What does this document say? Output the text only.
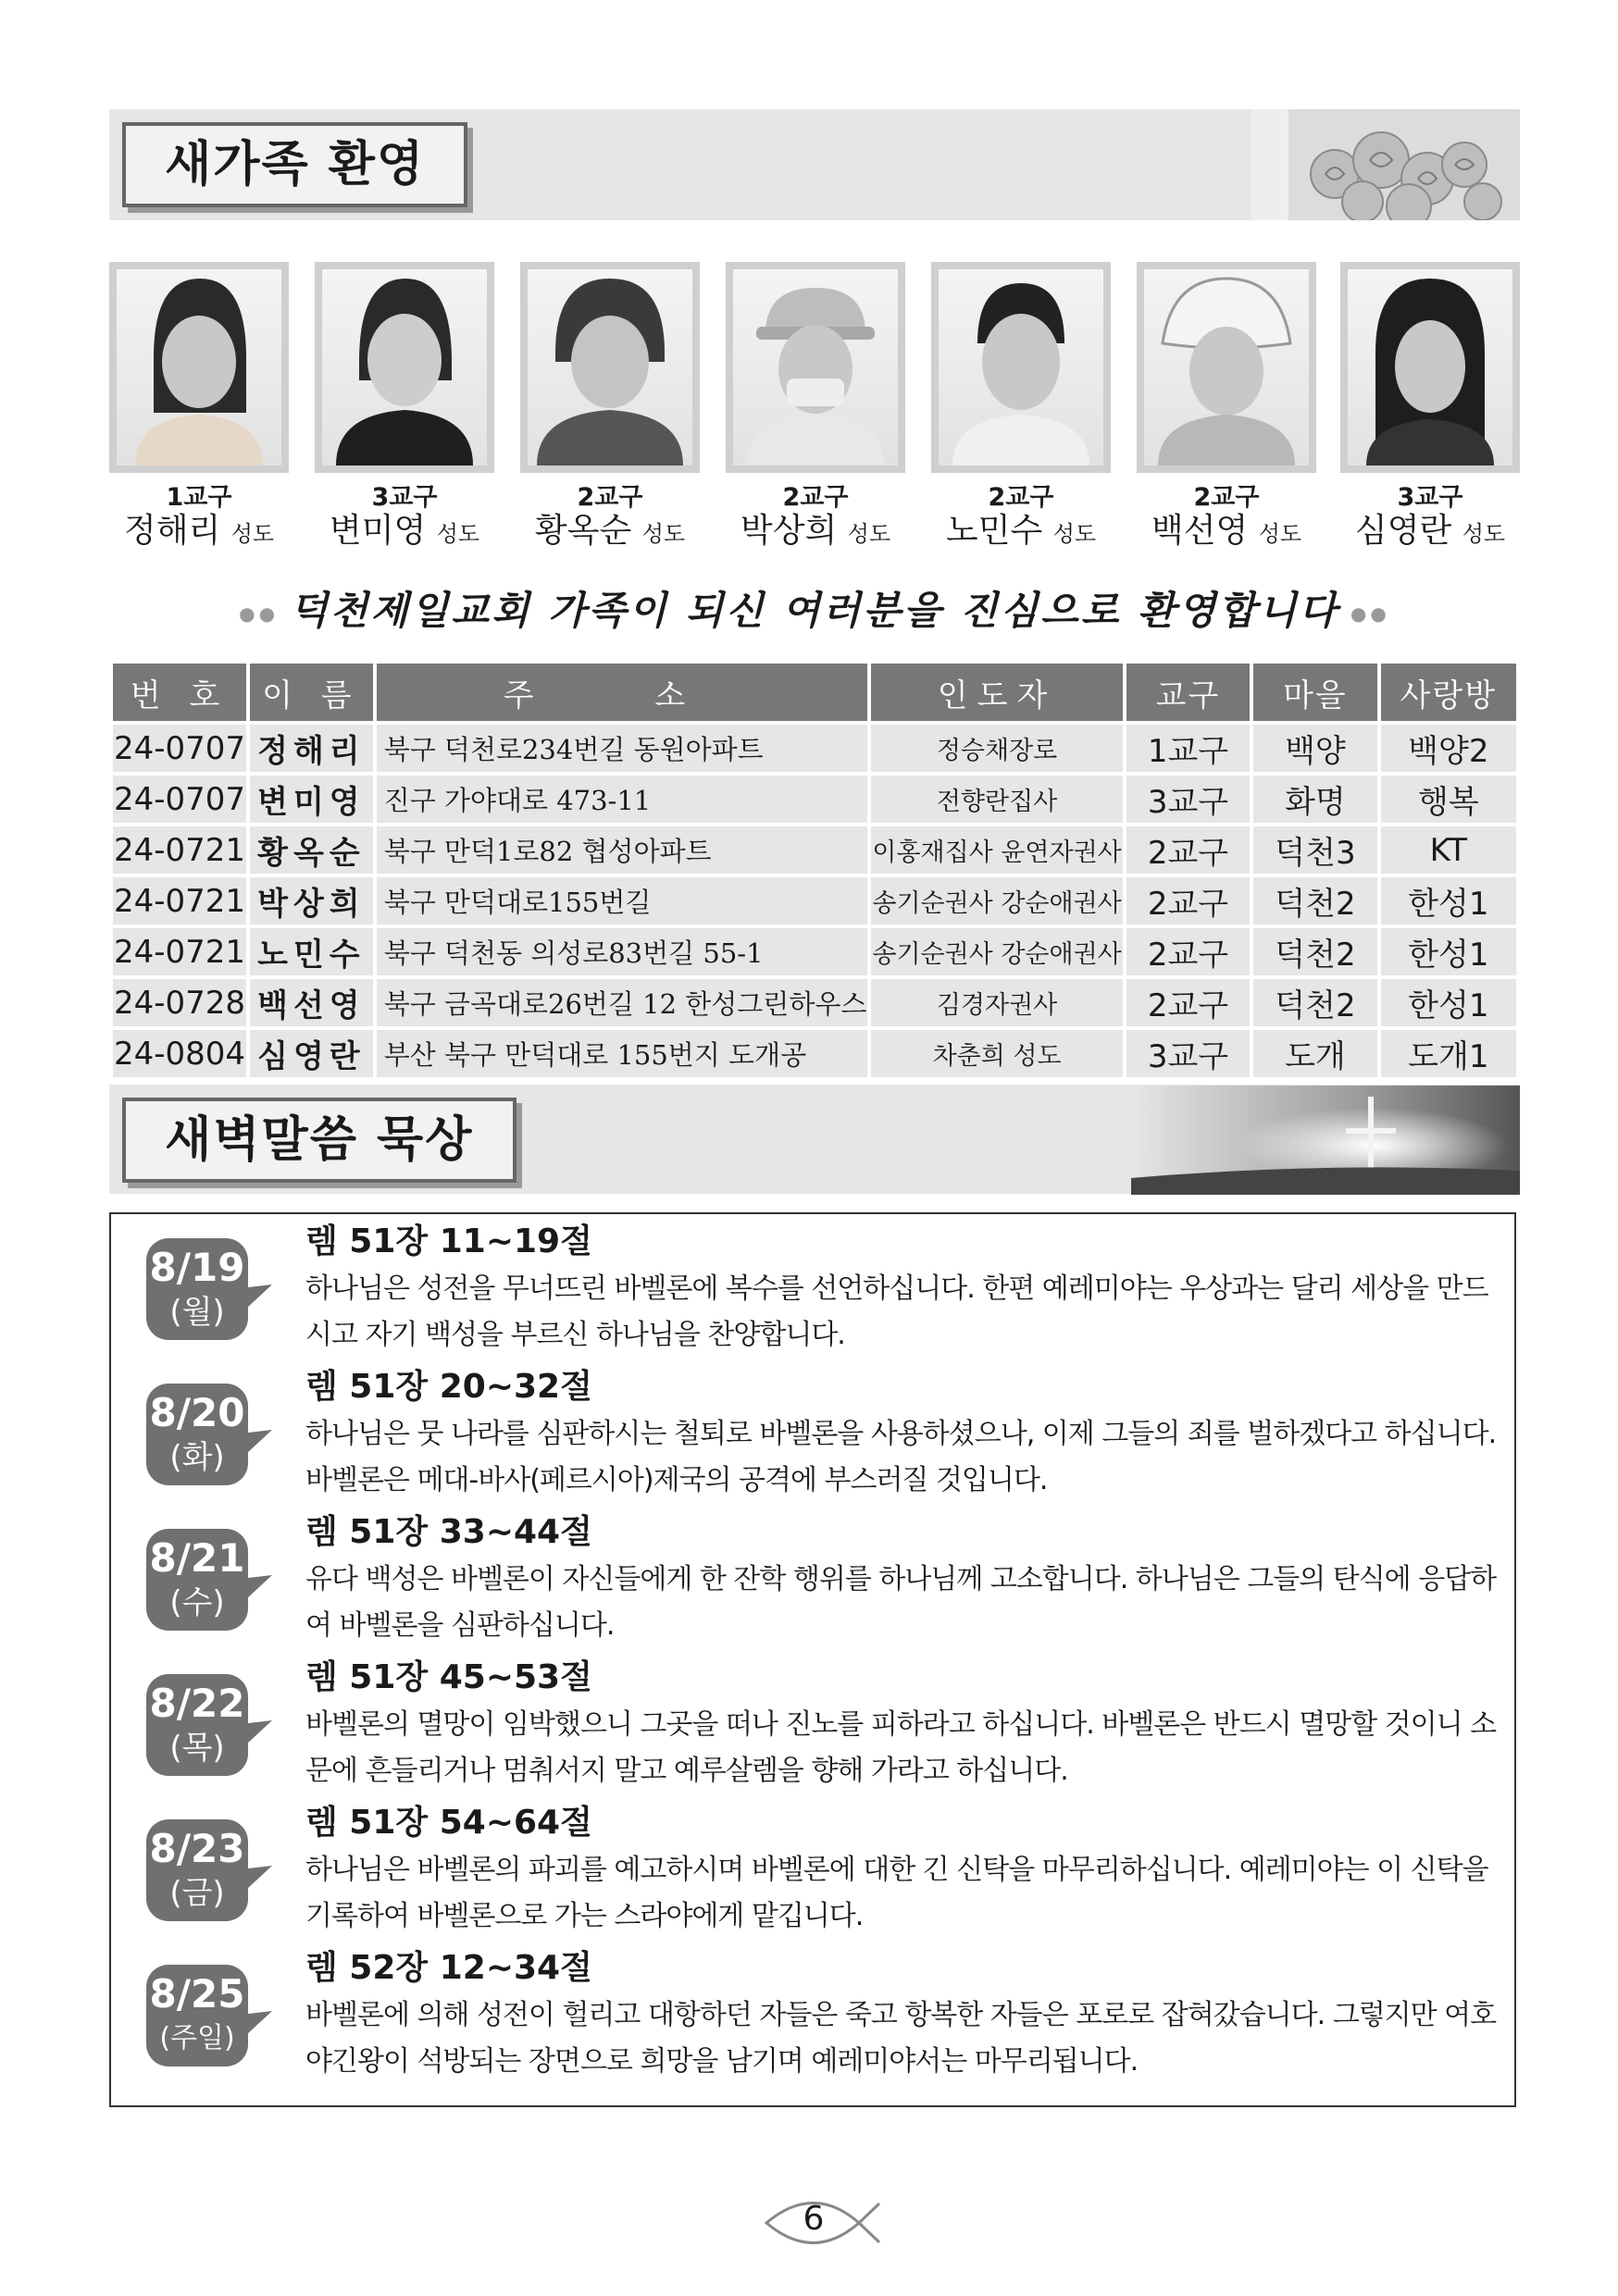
새가족 환영
1교구
정해리 성도
3교구
변미영 성도
2교구
황옥순 성도
2교구
박상희 성도
2교구
노민수 성도
2교구
백선영 성도
3교구
심영란 성도
●● 덕천제일교회 가족이 되신 여러분을 진심으로 환영합니다 ●●
번 호	이 름	주 소	인도자	교구	마을	사랑방
24-0707	정해리	북구 덕천로234번길 동원아파트	정승채장로	1교구	백양	백양2
24-0707	변미영	진구 가야대로 473-11	전향란집사	3교구	화명	행복
24-0721	황옥순	북구 만덕1로82 협성아파트	이홍재집사 윤연자권사	2교구	덕천3	KT
24-0721	박상희	북구 만덕대로155번길	송기순권사 강순애권사	2교구	덕천2	한성1
24-0721	노민수	북구 덕천동 의성로83번길 55-1	송기순권사 강순애권사	2교구	덕천2	한성1
24-0728	백선영	북구 금곡대로26번길 12 한성그린하우스	김경자권사	2교구	덕천2	한성1
24-0804	심영란	부산 북구 만덕대로 155번지 도개공	차춘희 성도	3교구	도개	도개1
새벽말씀 묵상
8/19
(월)
렘 51장 11~19절
하나님은 성전을 무너뜨린 바벨론에 복수를 선언하십니다. 한편 예레미야는 우상과는 달리 세상을 만드시고 자기 백성을 부르신 하나님을 찬양합니다.
8/20
(화)
렘 51장 20~32절
하나님은 뭇 나라를 심판하시는 철퇴로 바벨론을 사용하셨으나, 이제 그들의 죄를 벌하겠다고 하십니다. 바벨론은 메대-바사(페르시아)제국의 공격에 부스러질 것입니다.
8/21
(수)
렘 51장 33~44절
유다 백성은 바벨론이 자신들에게 한 잔학 행위를 하나님께 고소합니다. 하나님은 그들의 탄식에 응답하여 바벨론을 심판하십니다.
8/22
(목)
렘 51장 45~53절
바벨론의 멸망이 임박했으니 그곳을 떠나 진노를 피하라고 하십니다. 바벨론은 반드시 멸망할 것이니 소문에 흔들리거나 멈춰서지 말고 예루살렘을 향해 가라고 하십니다.
8/23
(금)
렘 51장 54~64절
하나님은 바벨론의 파괴를 예고하시며 바벨론에 대한 긴 신탁을 마무리하십니다. 예레미야는 이 신탁을 기록하여 바벨론으로 가는 스라야에게 맡깁니다.
8/25
(주일)
렘 52장 12~34절
바벨론에 의해 성전이 헐리고 대항하던 자들은 죽고 항복한 자들은 포로로 잡혀갔습니다. 그렇지만 여호야긴왕이 석방되는 장면으로 희망을 남기며 예레미야서는 마무리됩니다.
6
